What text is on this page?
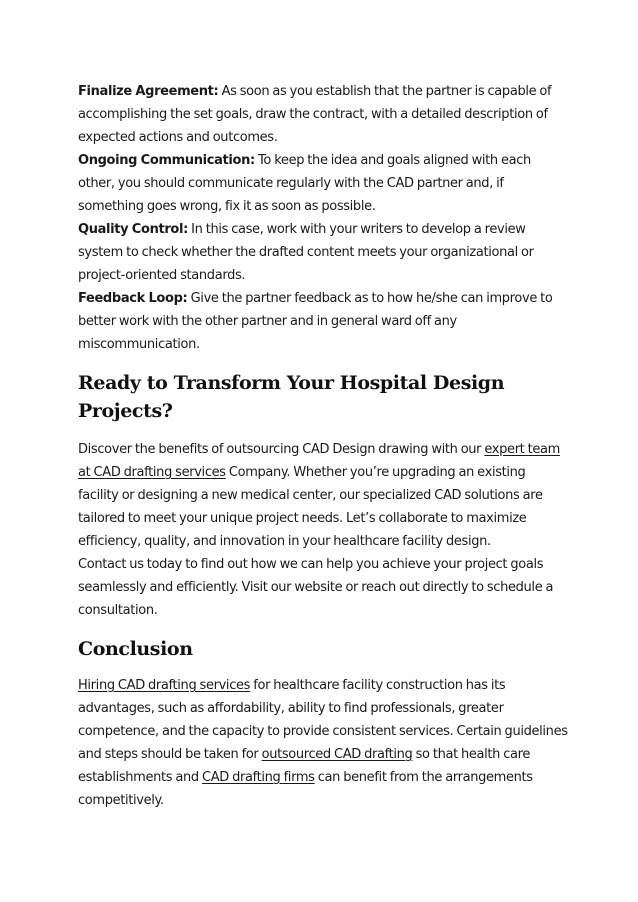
Finalize Agreement: As soon as you establish that the partner is capable of accomplishing the set goals, draw the contract, with a detailed description of expected actions and outcomes.

Ongoing Communication: To keep the idea and goals aligned with each other, you should communicate regularly with the CAD partner and, if something goes wrong, fix it as soon as possible.

Quality Control: In this case, work with your writers to develop a review system to check whether the drafted content meets your organizational or project-oriented standards.

Feedback Loop: Give the partner feedback as to how he/she can improve to better work with the other partner and in general ward off any miscommunication.

Ready to Transform Your Hospital Design Projects?

Discover the benefits of outsourcing CAD Design drawing with our expert team at CAD drafting services Company. Whether you’re upgrading an existing facility or designing a new medical center, our specialized CAD solutions are tailored to meet your unique project needs. Let’s collaborate to maximize efficiency, quality, and innovation in your healthcare facility design.

Contact us today to find out how we can help you achieve your project goals seamlessly and efficiently. Visit our website or reach out directly to schedule a consultation.

Conclusion

Hiring CAD drafting services for healthcare facility construction has its advantages, such as affordability, ability to find professionals, greater competence, and the capacity to provide consistent services. Certain guidelines and steps should be taken for outsourced CAD drafting so that health care establishments and CAD drafting firms can benefit from the arrangements competitively.
